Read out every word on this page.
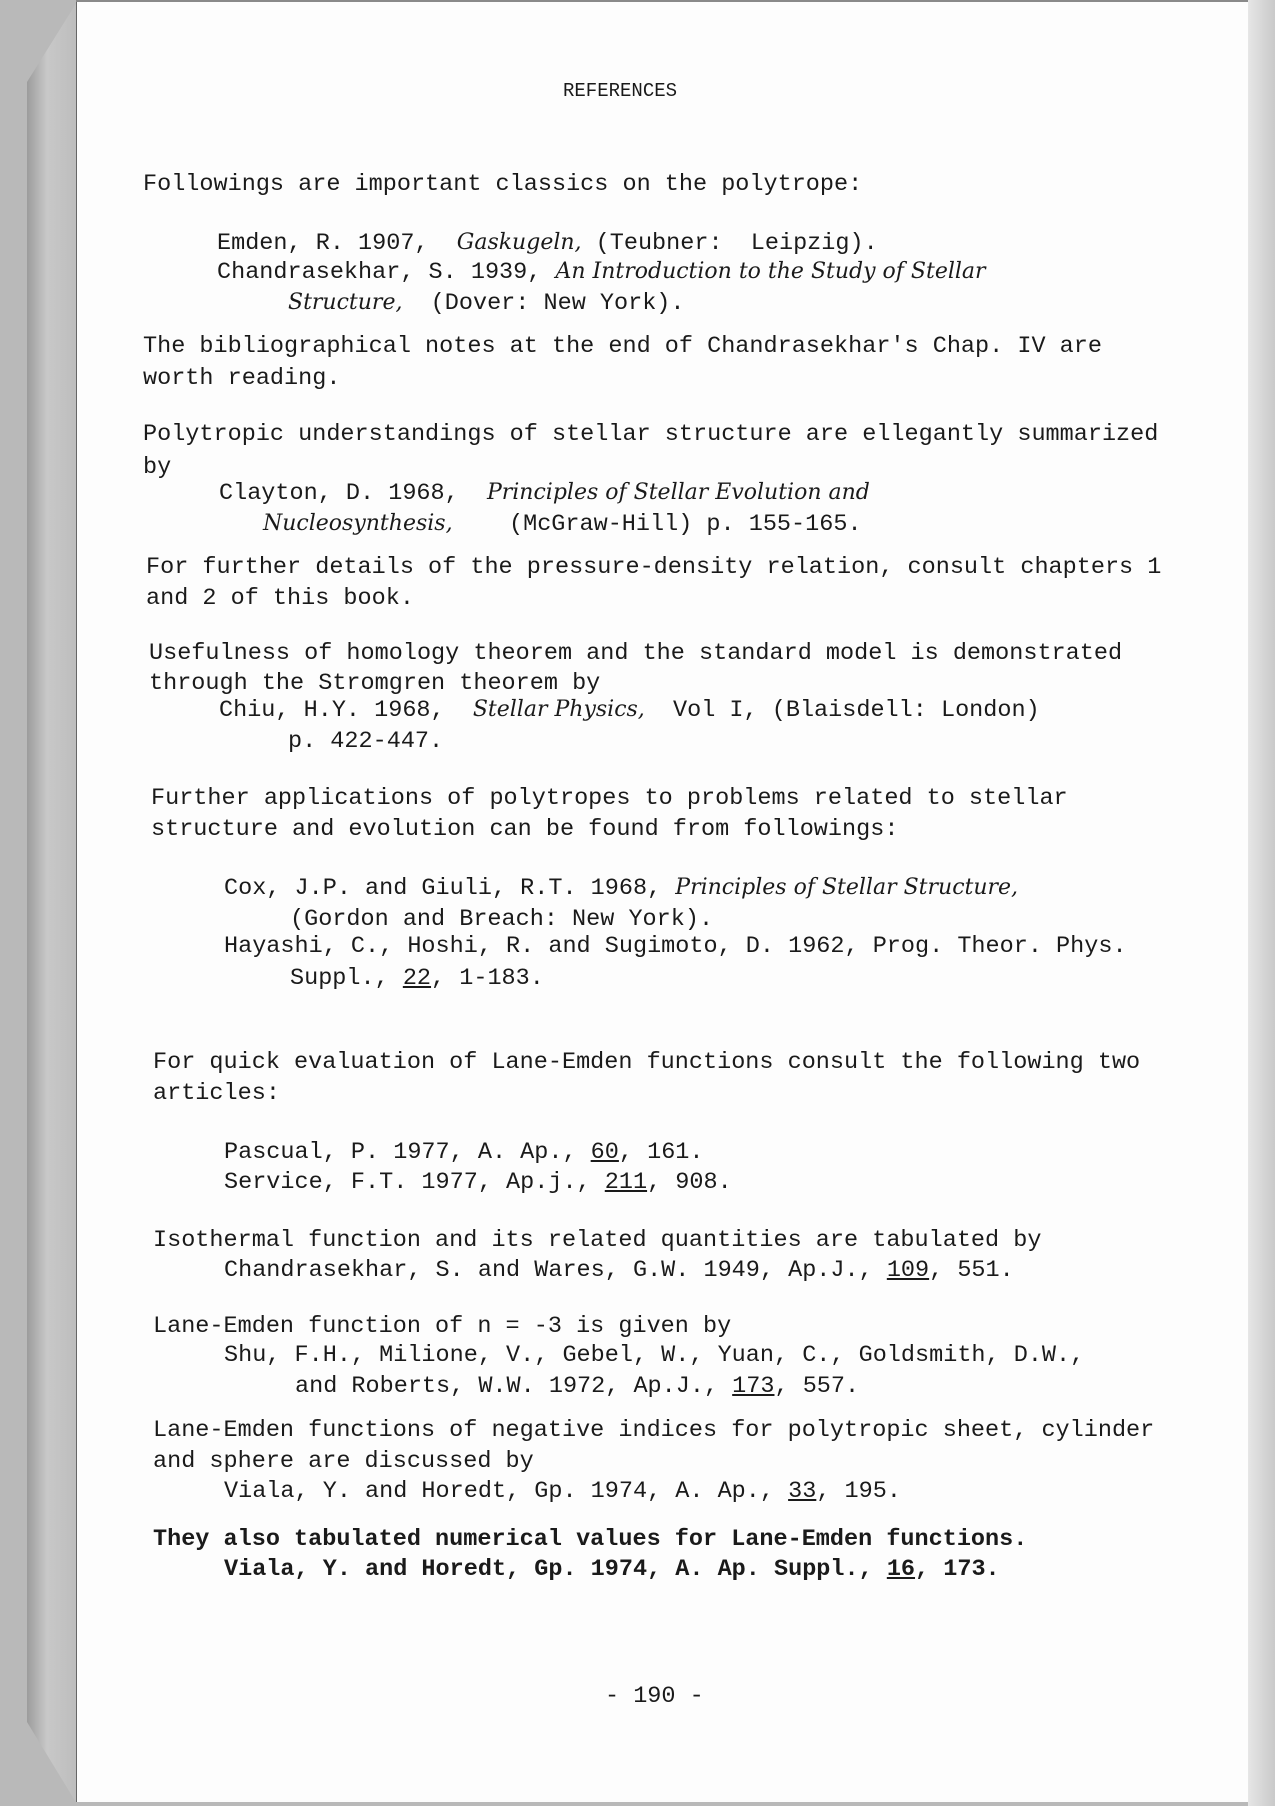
REFERENCES
Followings are important classics on the polytrope:
Emden, R. 1907,  Gaskugeln, (Teubner:  Leipzig).
Chandrasekhar, S. 1939, An Introduction to the Study of Stellar
Structure,  (Dover: New York).
The bibliographical notes at the end of Chandrasekhar's Chap. IV are
worth reading.
Polytropic understandings of stellar structure are ellegantly summarized
by
Clayton, D. 1968,  Principles of Stellar Evolution and
Nucleosynthesis,    (McGraw-Hill) p. 155-165.
For further details of the pressure-density relation, consult chapters 1
and 2 of this book.
Usefulness of homology theorem and the standard model is demonstrated
through the Stromgren theorem by
Chiu, H.Y. 1968,  Stellar Physics,  Vol I, (Blaisdell: London)
p. 422-447.
Further applications of polytropes to problems related to stellar
structure and evolution can be found from followings:
Cox, J.P. and Giuli, R.T. 1968, Principles of Stellar Structure,
(Gordon and Breach: New York).
Hayashi, C., Hoshi, R. and Sugimoto, D. 1962, Prog. Theor. Phys.
Suppl., 22, 1-183.
For quick evaluation of Lane-Emden functions consult the following two
articles:
Pascual, P. 1977, A. Ap., 60, 161.
Service, F.T. 1977, Ap.j., 211, 908.
Isothermal function and its related quantities are tabulated by
Chandrasekhar, S. and Wares, G.W. 1949, Ap.J., 109, 551.
Lane-Emden function of n = -3 is given by
Shu, F.H., Milione, V., Gebel, W., Yuan, C., Goldsmith, D.W.,
and Roberts, W.W. 1972, Ap.J., 173, 557.
Lane-Emden functions of negative indices for polytropic sheet, cylinder
and sphere are discussed by
Viala, Y. and Horedt, Gp. 1974, A. Ap., 33, 195.
They also tabulated numerical values for Lane-Emden functions.
Viala, Y. and Horedt, Gp. 1974, A. Ap. Suppl., 16, 173.
- 190 -
